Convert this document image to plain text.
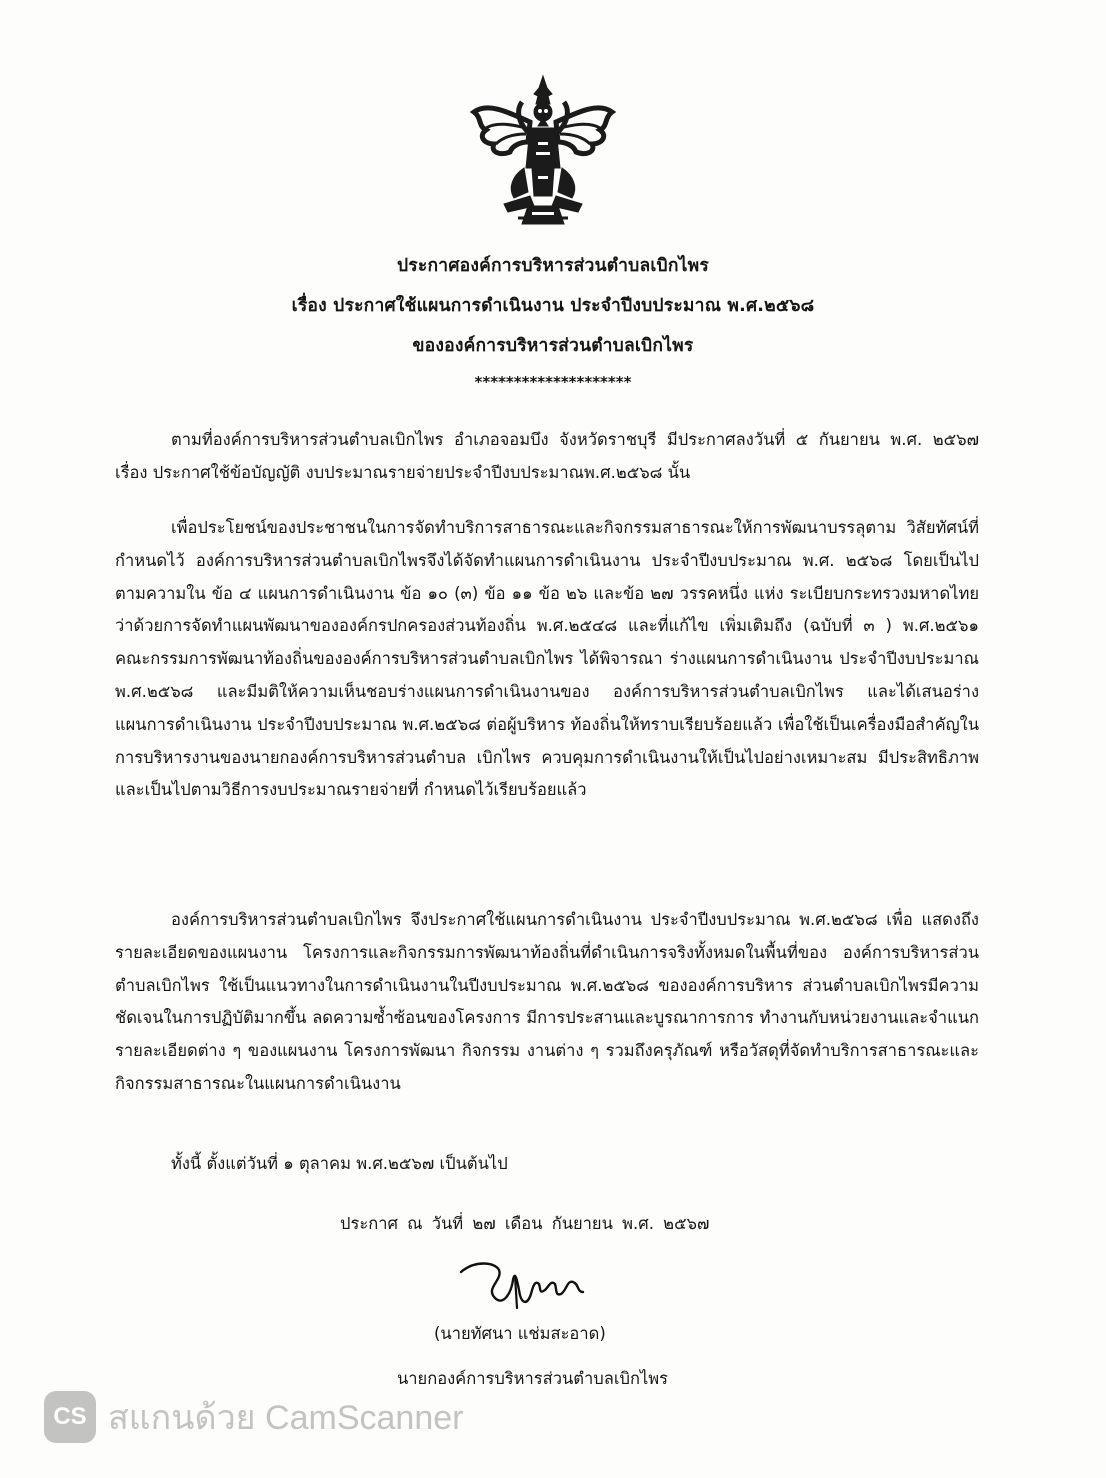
ประกาศองค์การบริหารส่วนตำบลเบิกไพร
เรื่อง ประกาศใช้แผนการดำเนินงาน ประจำปีงบประมาณ พ.ศ.๒๕๖๘
ขององค์การบริหารส่วนตำบลเบิกไพร
********************

ตามที่องค์การบริหารส่วนตำบลเบิกไพร อำเภอจอมบึง จังหวัดราชบุรี มีประกาศลงวันที่ ๕ กันยายน พ.ศ. ๒๕๖๗ เรื่อง ประกาศใช้ข้อบัญญัติ งบประมาณรายจ่ายประจำปีงบประมาณพ.ศ.๒๕๖๘ นั้น

เพื่อประโยชน์ของประชาชนในการจัดทำบริการสาธารณะและกิจกรรมสาธารณะให้การพัฒนาบรรลุตาม วิสัยทัศน์ที่กำหนดไว้ องค์การบริหารส่วนตำบลเบิกไพรจึงได้จัดทำแผนการดำเนินงาน ประจำปีงบประมาณ พ.ศ. ๒๕๖๘ โดยเป็นไปตามความใน ข้อ ๔ แผนการดำเนินงาน ข้อ ๑๐ (๓) ข้อ ๑๑ ข้อ ๒๖ และข้อ ๒๗ วรรคหนึ่ง แห่ง ระเบียบกระทรวงมหาดไทยว่าด้วยการจัดทำแผนพัฒนาขององค์กรปกครองส่วนท้องถิ่น พ.ศ.๒๕๔๘ และที่แก้ไข เพิ่มเติมถึง (ฉบับที่ ๓ ) พ.ศ.๒๕๖๑ คณะกรรมการพัฒนาท้องถิ่นขององค์การบริหารส่วนตำบลเบิกไพร ได้พิจารณา ร่างแผนการดำเนินงาน ประจำปีงบประมาณ พ.ศ.๒๕๖๘ และมีมติให้ความเห็นชอบร่างแผนการดำเนินงานของ องค์การบริหารส่วนตำบลเบิกไพร และได้เสนอร่างแผนการดำเนินงาน ประจำปีงบประมาณ พ.ศ.๒๕๖๘ ต่อผู้บริหาร ท้องถิ่นให้ทราบเรียบร้อยแล้ว เพื่อใช้เป็นเครื่องมือสำคัญในการบริหารงานของนายกองค์การบริหารส่วนตำบล เบิกไพร ควบคุมการดำเนินงานให้เป็นไปอย่างเหมาะสม มีประสิทธิภาพและเป็นไปตามวิธีการงบประมาณรายจ่ายที่ กำหนดไว้เรียบร้อยแล้ว

องค์การบริหารส่วนตำบลเบิกไพร จึงประกาศใช้แผนการดำเนินงาน ประจำปีงบประมาณ พ.ศ.๒๕๖๘ เพื่อ แสดงถึงรายละเอียดของแผนงาน โครงการและกิจกรรมการพัฒนาท้องถิ่นที่ดำเนินการจริงทั้งหมดในพื้นที่ของ องค์การบริหารส่วนตำบลเบิกไพร ใช้เป็นแนวทางในการดำเนินงานในปีงบประมาณ พ.ศ.๒๕๖๘ ขององค์การบริหาร ส่วนตำบลเบิกไพรมีความชัดเจนในการปฏิบัติมากขึ้น ลดความซ้ำซ้อนของโครงการ มีการประสานและบูรณาการการ ทำงานกับหน่วยงานและจำแนกรายละเอียดต่าง ๆ ของแผนงาน โครงการพัฒนา กิจกรรม งานต่าง ๆ รวมถึงครุภัณฑ์ หรือวัสดุที่จัดทำบริการสาธารณะและกิจกรรมสาธารณะในแผนการดำเนินงาน

ทั้งนี้ ตั้งแต่วันที่ ๑ ตุลาคม พ.ศ.๒๕๖๗ เป็นต้นไป

ประกาศ ณ วันที่ ๒๗ เดือน กันยายน พ.ศ. ๒๕๖๗
(นายทัศนา แช่มสะอาด)
นายกองค์การบริหารส่วนตำบลเบิกไพร
CS สแกนด้วย CamScanner
